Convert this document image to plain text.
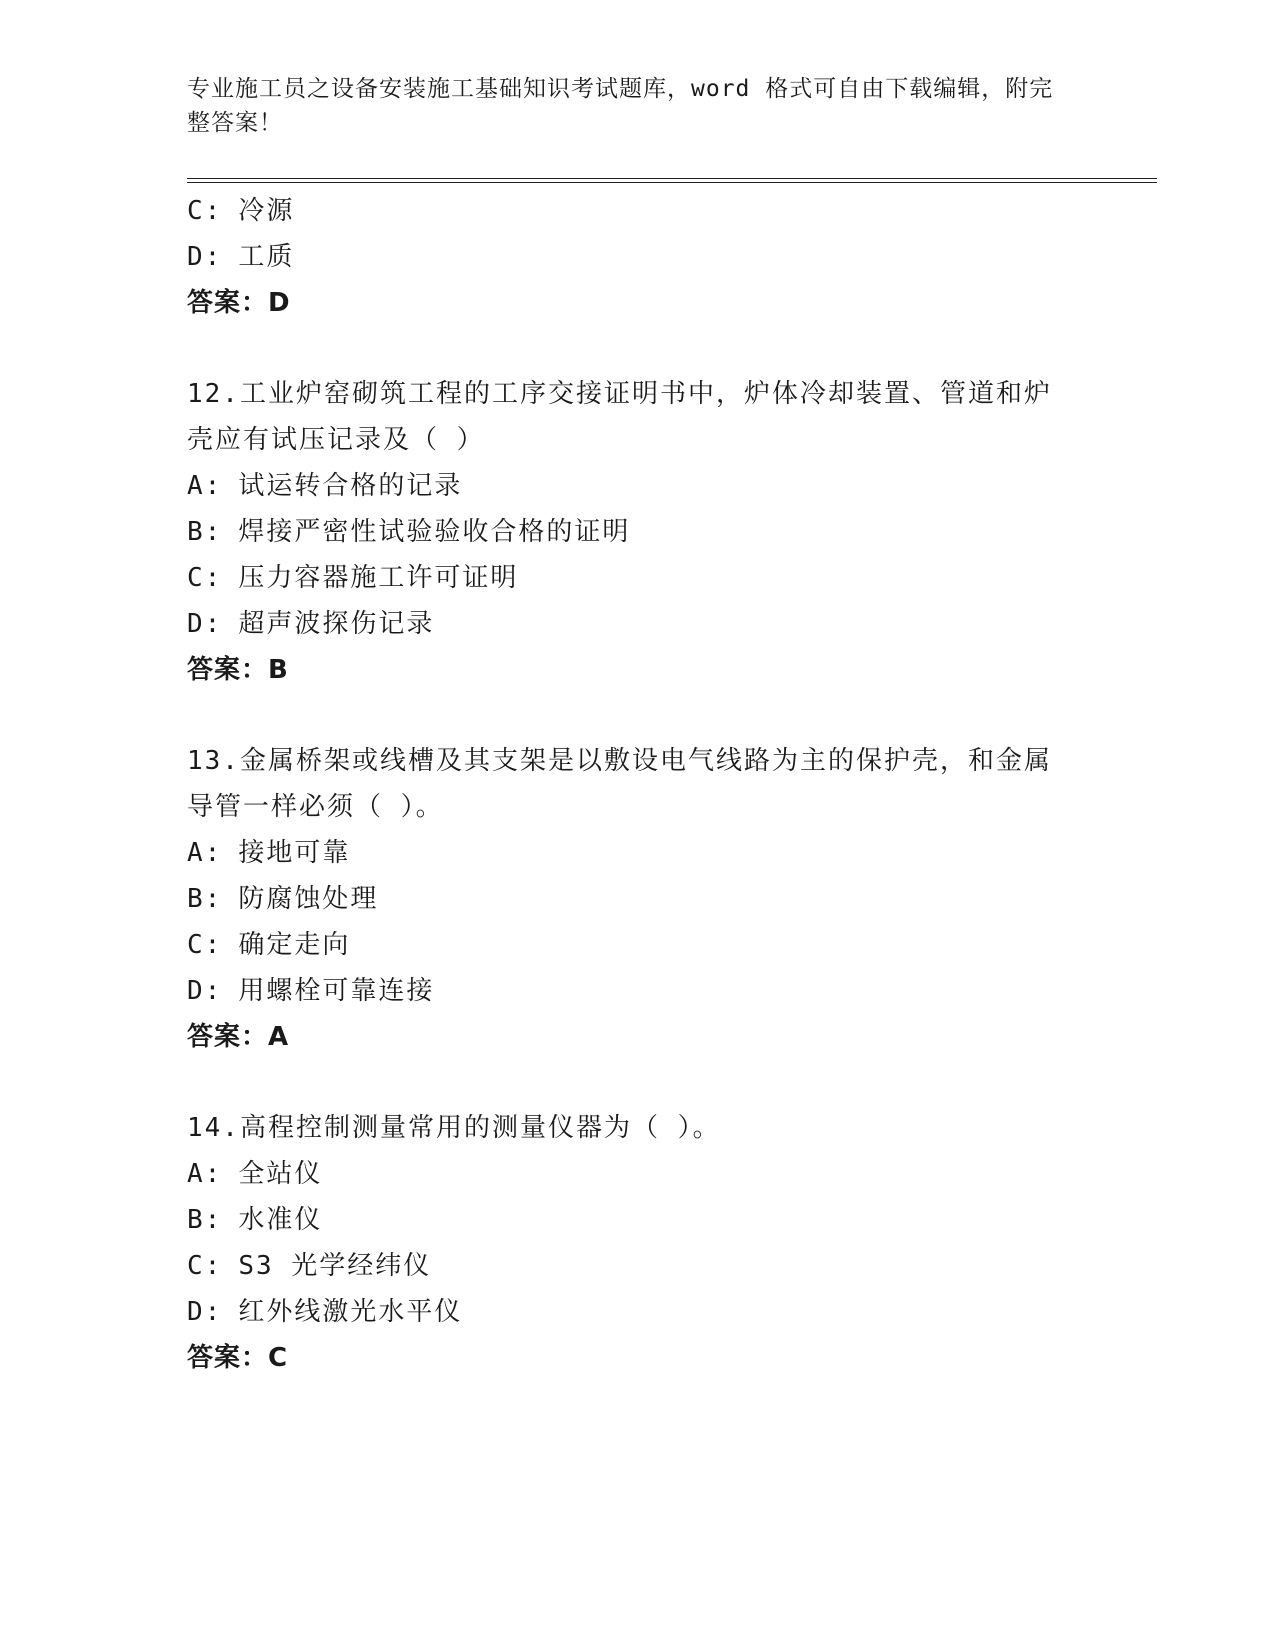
专业施工员之设备安装施工基础知识考试题库，word 格式可自由下载编辑，附完整答案！
C: 冷源
D: 工质
答案：D
12.工业炉窑砌筑工程的工序交接证明书中，炉体冷却装置、管道和炉壳应有试压记录及（ ）
A: 试运转合格的记录
B: 焊接严密性试验验收合格的证明
C: 压力容器施工许可证明
D: 超声波探伤记录
答案：B
13.金属桥架或线槽及其支架是以敷设电气线路为主的保护壳，和金属导管一样必须（ ）。
A: 接地可靠
B: 防腐蚀处理
C: 确定走向
D: 用螺栓可靠连接
答案：A
14.高程控制测量常用的测量仪器为（ ）。
A: 全站仪
B: 水准仪
C: S3 光学经纬仪
D: 红外线激光水平仪
答案：C
